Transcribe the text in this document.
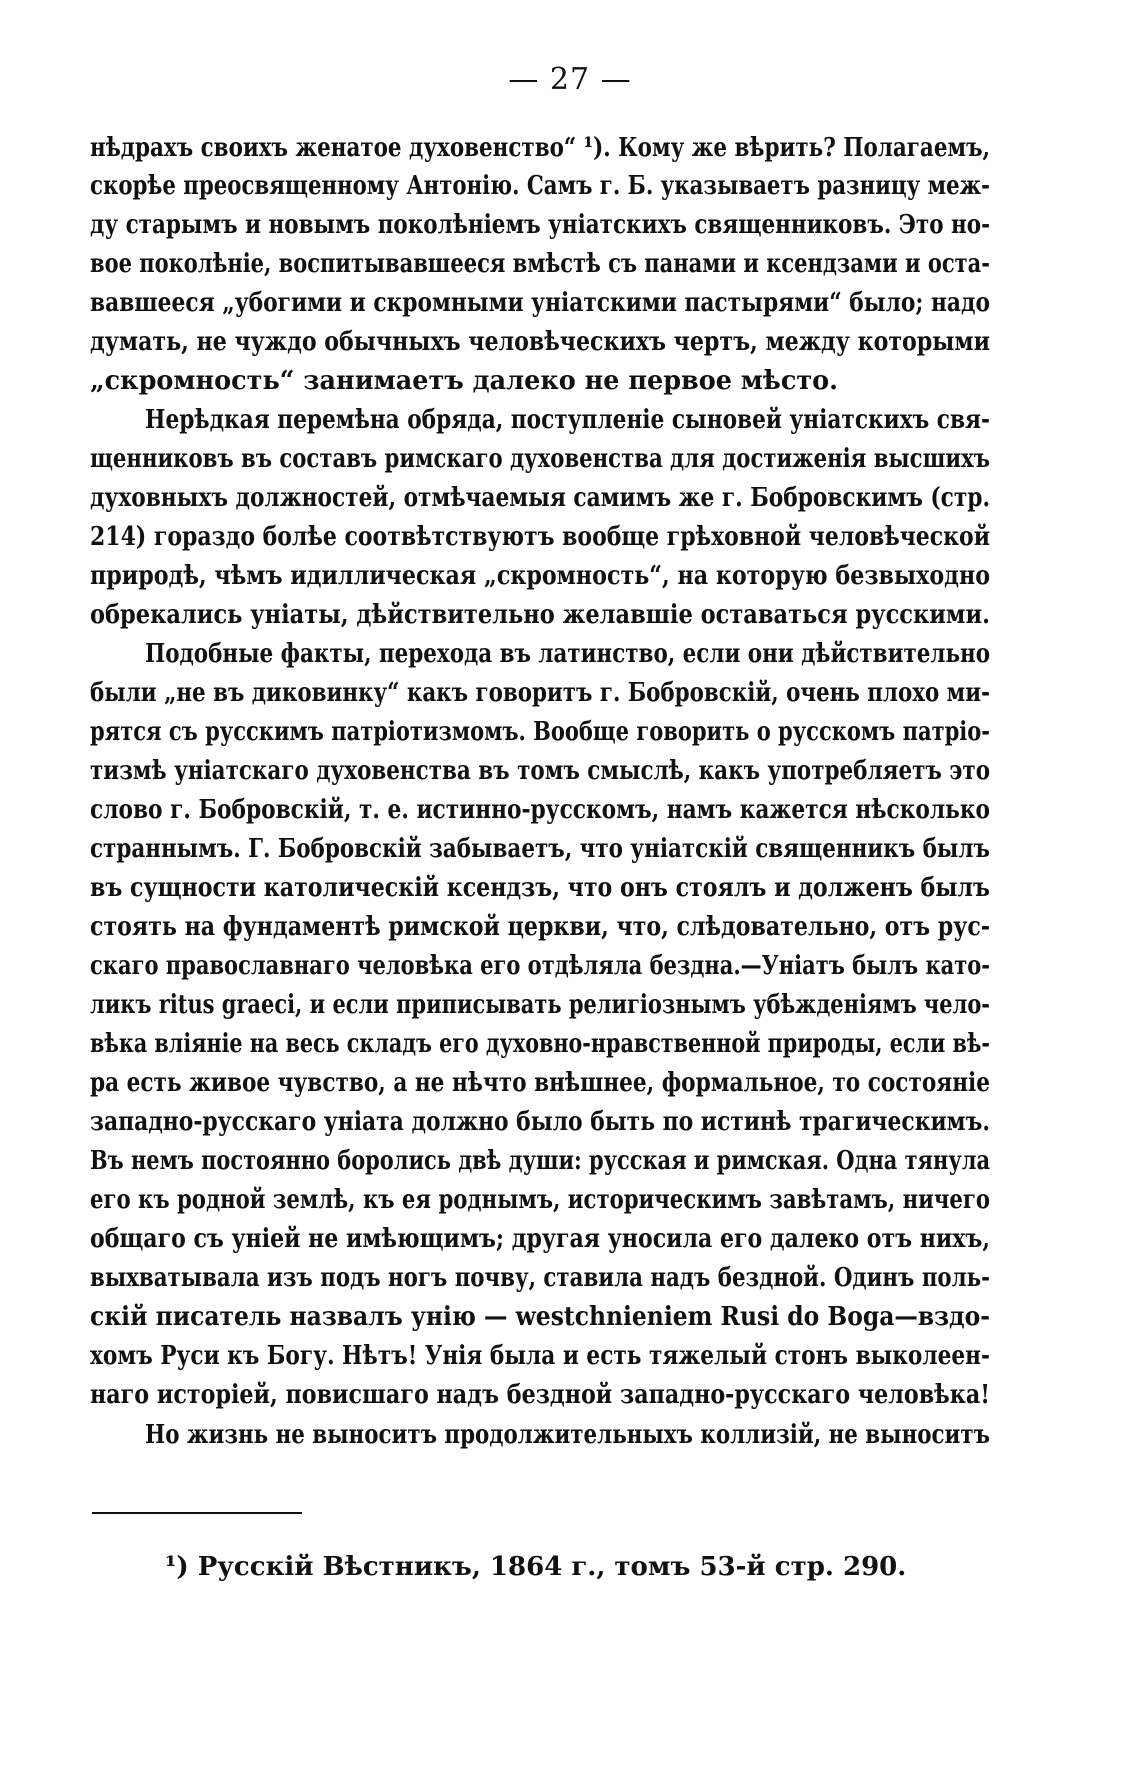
— 27 —
нѣдрахъ своихъ женатое духовенство“ ¹). Кому же вѣрить? Полагаемъ,
скорѣе преосвященному Антонію. Самъ г. Б. указываетъ разницу меж-
ду старымъ и новымъ поколѣніемъ уніатскихъ священниковъ. Это но-
вое поколѣніе, воспитывавшееся вмѣстѣ съ панами и ксендзами и оста-
вавшееся „убогими и скромными уніатскими пастырями“ было; надо
думать, не чуждо обычныхъ человѣческихъ чертъ, между которыми
„скромность“ занимаетъ далеко не первое мѣсто.
Нерѣдкая перемѣна обряда, поступленіе сыновей уніатскихъ свя-
щенниковъ въ составъ римскаго духовенства для достиженія высшихъ
духовныхъ должностей, отмѣчаемыя самимъ же г. Бобровскимъ (стр.
214) гораздо болѣе соотвѣтствуютъ вообще грѣховной человѣческой
природѣ, чѣмъ идиллическая „скромность“, на которую безвыходно
обрекались уніаты, дѣйствительно желавшіе оставаться русскими.
Подобные факты, перехода въ латинство, если они дѣйствительно
были „не въ диковинку“ какъ говоритъ г. Бобровскій, очень плохо ми-
рятся съ русскимъ патріотизмомъ. Вообще говорить о русскомъ патріо-
тизмѣ уніатскаго духовенства въ томъ смыслѣ, какъ употребляетъ это
слово г. Бобровскій, т. е. истинно-русскомъ, намъ кажется нѣсколько
страннымъ. Г. Бобровскій забываетъ, что уніатскій священникъ былъ
въ сущности католическій ксендзъ, что онъ стоялъ и долженъ былъ
стоять на фундаментѣ римской церкви, что, слѣдовательно, отъ рус-
скаго православнаго человѣка его отдѣляла бездна.—Уніатъ былъ като-
ликъ ritus graeci, и если приписывать религіознымъ убѣжденіямъ чело-
вѣка вліяніе на весь складъ его духовно-нравственной природы, если вѣ-
ра есть живое чувство, а не нѣчто внѣшнее, формальное, то состояніе
западно-русскаго уніата должно было быть по истинѣ трагическимъ.
Въ немъ постоянно боролись двѣ души: русская и римская. Одна тянула
его къ родной землѣ, къ ея роднымъ, историческимъ завѣтамъ, ничего
общаго съ уніей не имѣющимъ; другая уносила его далеко отъ нихъ,
выхватывала изъ подъ ногъ почву, ставила надъ бездной. Одинъ поль-
скій писатель назвалъ унію — westchnieniem Rusi do Boga—вздо-
хомъ Руси къ Богу. Нѣтъ! Унія была и есть тяжелый стонъ выколеен-
наго исторіей, повисшаго надъ бездной западно-русскаго человѣка!
Но жизнь не выноситъ продолжительныхъ коллизій, не выноситъ
¹) Русскій Вѣстникъ, 1864 г., томъ 53-й стр. 290.
